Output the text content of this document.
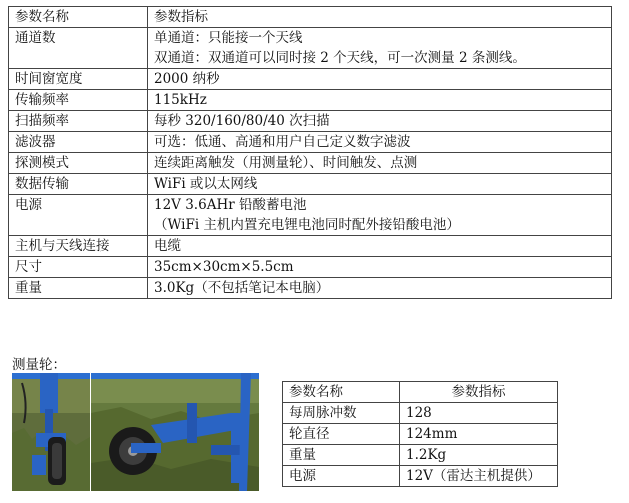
参数名称	参数指标
通道数	单通道：只能接一个天线
双通道：双通道可以同时接 2 个天线，可一次测量 2 条测线。

时间窗宽度	2000 纳秒

传输频率	115kHz

扫描频率	每秒 320/160/80/40 次扫描

滤波器	可选：低通、高通和用户自己定义数字滤波

探测模式	连续距离触发（用测量轮）、时间触发、点测

数据传输	WiFi 或以太网线

电源	12V 3.6AHr 铅酸蓄电池
（WiFi 主机内置充电锂电池同时配外接铅酸电池）

主机与天线连接	电缆

尺寸	35cm×30cm×5.5cm

重量	3.0Kg（不包括笔记本电脑）
测量轮：
参数名称	参数指标
每周脉冲数	128
轮直径	124mm
重量	1.2Kg
电源	12V（雷达主机提供）
